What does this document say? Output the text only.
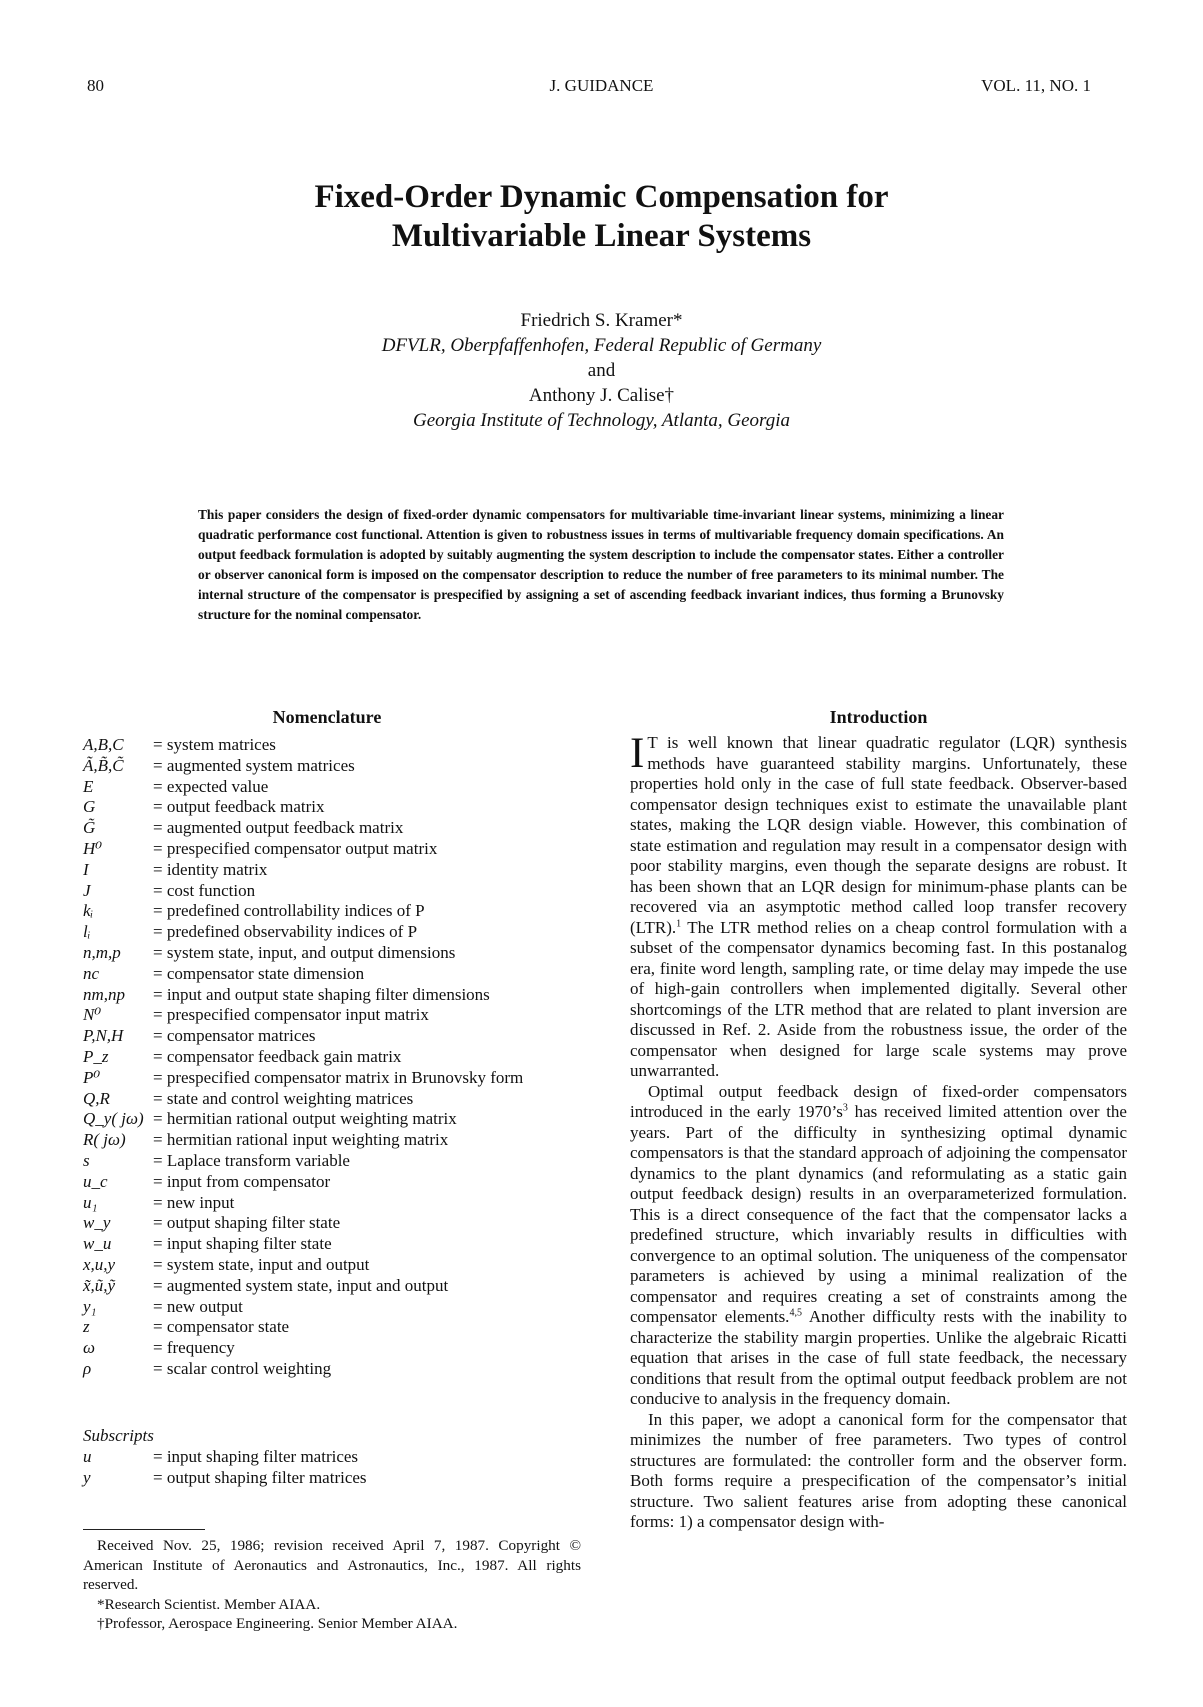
80	J. GUIDANCE	VOL. 11, NO. 1
Fixed-Order Dynamic Compensation for
Multivariable Linear Systems
Friedrich S. Kramer*
DFVLR, Oberpfaffenhofen, Federal Republic of Germany
and
Anthony J. Calise†
Georgia Institute of Technology, Atlanta, Georgia
This paper considers the design of fixed-order dynamic compensators for multivariable time-invariant linear systems, minimizing a linear quadratic performance cost functional. Attention is given to robustness issues in terms of multivariable frequency domain specifications. An output feedback formulation is adopted by suitably augmenting the system description to include the compensator states. Either a controller or observer canonical form is imposed on the compensator description to reduce the number of free parameters to its minimal number. The internal structure of the compensator is prespecified by assigning a set of ascending feedback invariant indices, thus forming a Brunovsky structure for the nominal compensator.
Nomenclature
A,B,C	= system matrices
Ã,B̃,C̃	= augmented system matrices
E	= expected value
G	= output feedback matrix
G̃	= augmented output feedback matrix
H⁰	= prespecified compensator output matrix
I	= identity matrix
J	= cost function
kᵢ	= predefined controllability indices of P
lᵢ	= predefined observability indices of P
n,m,p	= system state, input, and output dimensions
nc	= compensator state dimension
nm,np	= input and output state shaping filter dimensions
N⁰	= prespecified compensator input matrix
P,N,H	= compensator matrices
P_z	= compensator feedback gain matrix
P⁰	= prespecified compensator matrix in Brunovsky form
Q,R	= state and control weighting matrices
Q_y( jω) = hermitian rational output weighting matrix
R( jω)	= hermitian rational input weighting matrix
s	= Laplace transform variable
u_c	= input from compensator
u₁	= new input
w_y	= output shaping filter state
w_u	= input shaping filter state
x,u,y	= system state, input and output
x̃,ũ,ỹ	= augmented system state, input and output
y₁	= new output
z	= compensator state
ω	= frequency
ρ	= scalar control weighting
Subscripts
u	= input shaping filter matrices
y	= output shaping filter matrices
Received Nov. 25, 1986; revision received April 7, 1987. Copyright © American Institute of Aeronautics and Astronautics, Inc., 1987. All rights reserved.
*Research Scientist. Member AIAA.
†Professor, Aerospace Engineering. Senior Member AIAA.
Introduction

I T is well known that linear quadratic regulator (LQR) synthesis methods have guaranteed stability margins. Unfortunately, these properties hold only in the case of full state feedback. Observer-based compensator design techniques exist to estimate the unavailable plant states, making the LQR design viable. However, this combination of state estimation and regulation may result in a compensator design with poor stability margins, even though the separate designs are robust. It has been shown that an LQR design for minimum-phase plants can be recovered via an asymptotic method called loop transfer recovery (LTR).$^1$ The LTR method relies on a cheap control formulation with a subset of the compensator dynamics becoming fast. In this postanalog era, finite word length, sampling rate, or time delay may impede the use of high-gain controllers when implemented digitally. Several other shortcomings of the LTR method that are related to plant inversion are discussed in Ref. 2. Aside from the robustness issue, the order of the compensator when designed for large scale systems may prove unwarranted.

Optimal output feedback design of fixed-order compensators introduced in the early $1970’s^3$ has received limited attention over the years. Part of the difficulty in synthesizing optimal dynamic compensators is that the standard approach of adjoining the compensator dynamics to the plant dynamics (and reformulating as a static gain output feedback design) results in an overparameterized formulation. This is a direct consequence of the fact that the compensator lacks a predefined structure, which invariably results in difficulties with convergence to an optimal solution. The uniqueness of the compensator parameters is achieved by using a minimal realization of the compensator and requires creating a set of constraints among the compensator elements.$^{4,5}$ Another difficulty rests with the inability to characterize the stability margin properties. Unlike the algebraic Ricatti equation that arises in the case of full state feedback, the necessary conditions that result from the optimal output feedback problem are not conducive to analysis in the frequency domain.

In this paper, we adopt a canonical form for the compensator that minimizes the number of free parameters. Two types of control structures are formulated: the controller form and the observer form. Both forms require a prespecification of the compensator’s initial structure. Two salient features arise from adopting these canonical forms: 1) a compensator design with-
